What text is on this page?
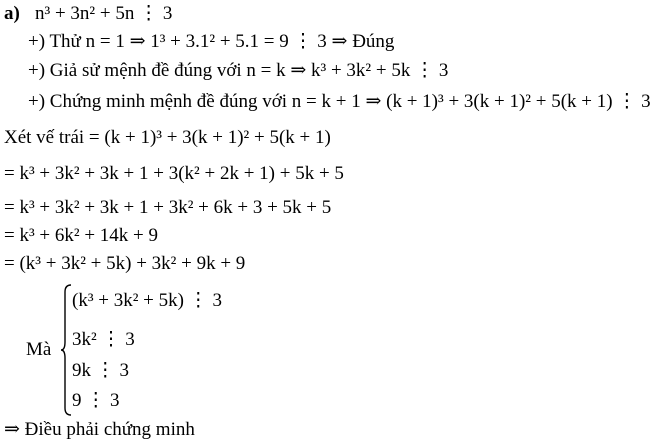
a) n³ + 3n² + 5n ⋮ 3
+) Thử n = 1 ⇒ 1³ + 3.1² + 5.1 = 9 ⋮ 3 ⇒ Đúng
+) Giả sử mệnh đề đúng với n = k ⇒ k³ + 3k² + 5k ⋮ 3
+) Chứng minh mệnh đề đúng với n = k + 1 ⇒ (k + 1)³ + 3(k + 1)² + 5(k + 1) ⋮ 3
Xét vế trái = (k + 1)³ + 3(k + 1)² + 5(k + 1)
= k³ + 3k² + 3k + 1 + 3(k² + 2k + 1) + 5k + 5
= k³ + 3k² + 3k + 1 + 3k² + 6k + 3 + 5k + 5
= k³ + 6k² + 14k + 9
= (k³ + 3k² + 5k) + 3k² + 9k + 9
Mà
(k³ + 3k² + 5k) ⋮ 3
3k² ⋮ 3
9k ⋮ 3
9 ⋮ 3
⇒ Điều phải chứng minh
